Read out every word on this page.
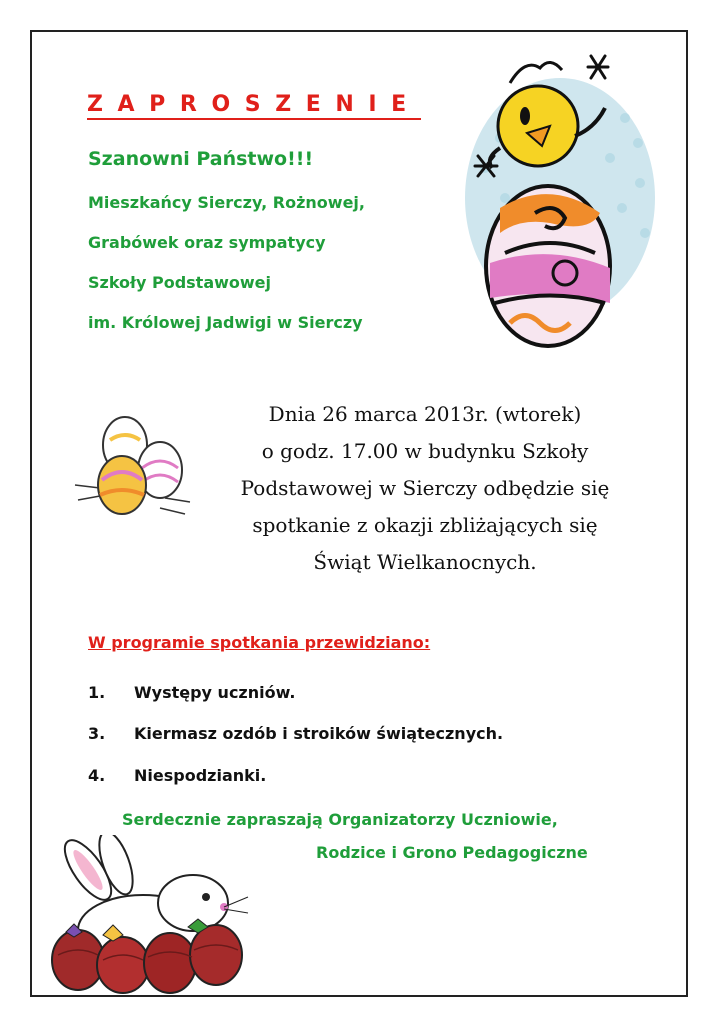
ZAPROSZENIE
Szanowni Państwo!!!
Mieszkańcy Sierczy, Rożnowej,
Grabówek oraz sympatycy
Szkoły Podstawowej
im. Królowej Jadwigi w Sierczy
Dnia 26 marca 2013r. (wtorek)
o godz. 17.00 w budynku Szkoły
Podstawowej w Sierczy odbędzie się
spotkanie z okazji zbliżających się
Świąt Wielkanocnych.
W programie spotkania przewidziano:
1. Występy uczniów.
3. Kiermasz ozdób i stroików świątecznych.
4. Niespodzianki.
Serdecznie zapraszają Organizatorzy Uczniowie,
Rodzice i Grono Pedagogiczne
